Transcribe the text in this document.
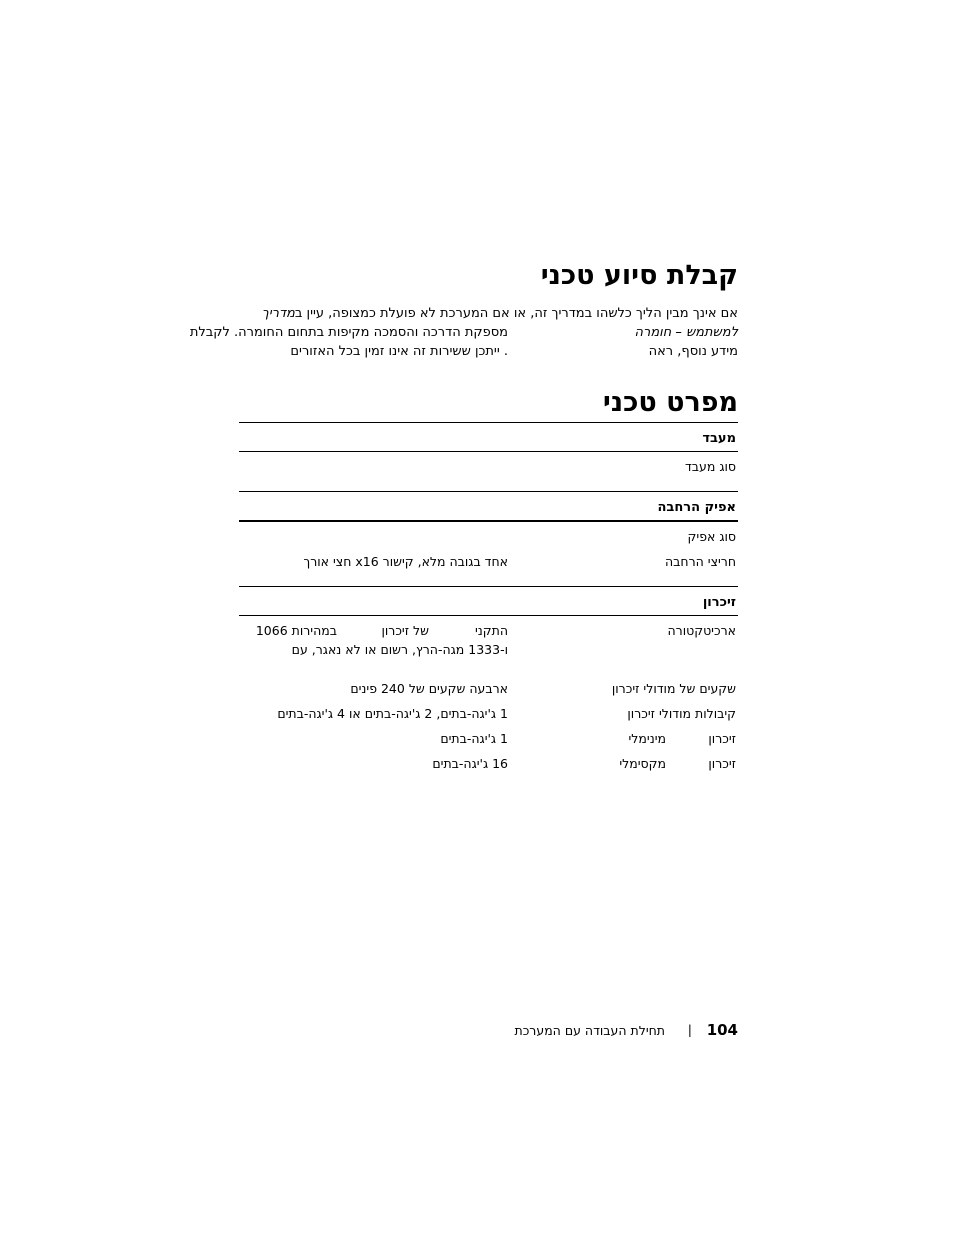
קבלת סיוע טכני
אם אינך מבין הליך כלשהו במדריך זה, או אם המערכת לא פועלת כמצופה, עיין במדריך
למשתמש – חומרה
מספקת הדרכה והסמכה מקיפות בתחום החומרה. לקבלת
מידע נוסף, ראה
. ייתכן ששירות זה אינו זמין בכל האזורים
מפרט טכני
מעבד
סוג מעבד
אפיק הרחבה
סוג אפיק
חריצי הרחבה
אחד בגובה מלא, קישור x16 חצי אורך
זיכרון
ארכיטקטורה
התקני
של זיכרון
במהירות 1066
ו-1333 מגה-הרץ, רשום או לא נאגר, עם
שקעים של מודולי זיכרון
ארבעה שקעים של 240 פינים
קיבולות מודולי זיכרון
1 ג'יגה-בתים, 2 ג'יגה-בתים או 4 ג'יגה-בתים
זיכרון
מינימלי
1 ג'יגה-בתים
זיכרון
מקסימלי
16 ג'יגה-בתים
104
|
תחילת העבודה עם המערכת
